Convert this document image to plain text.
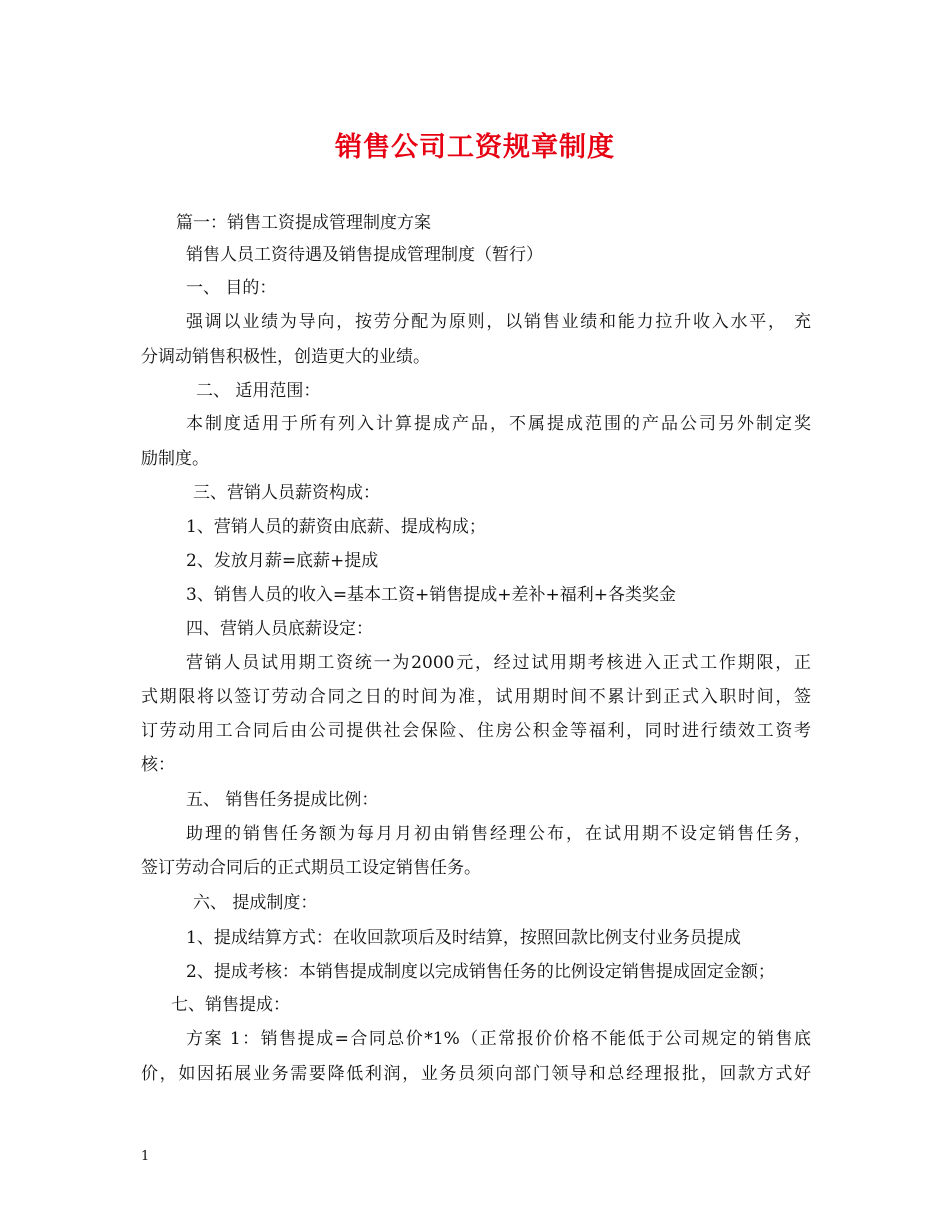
销售公司工资规章制度
篇一：销售工资提成管理制度方案
销售人员工资待遇及销售提成管理制度（暂行）
一、 目的：
强调以业绩为导向，按劳分配为原则，以销售业绩和能力拉升收入水平， 充
分调动销售积极性，创造更大的业绩。
二、 适用范围：
本制度适用于所有列入计算提成产品，不属提成范围的产品公司另外制定奖
励制度。
三、营销人员薪资构成：
1、营销人员的薪资由底薪、提成构成；
2、发放月薪=底薪+提成
3、销售人员的收入=基本工资+销售提成+差补+福利+各类奖金
四、营销人员底薪设定：
营销人员试用期工资统一为2000元，经过试用期考核进入正式工作期限，正
式期限将以签订劳动合同之日的时间为准，试用期时间不累计到正式入职时间，签
订劳动用工合同后由公司提供社会保险、住房公积金等福利，同时进行绩效工资考
核：
五、 销售任务提成比例：
助理的销售任务额为每月月初由销售经理公布，在试用期不设定销售任务，
签订劳动合同后的正式期员工设定销售任务。
六、 提成制度：
1、提成结算方式：在收回款项后及时结算，按照回款比例支付业务员提成
2、提成考核：本销售提成制度以完成销售任务的比例设定销售提成固定金额；
七、销售提成：
方案 1：销售提成=合同总价*1%（正常报价价格不能低于公司规定的销售底
价，如因拓展业务需要降低利润，业务员须向部门领导和总经理报批，回款方式好
1
